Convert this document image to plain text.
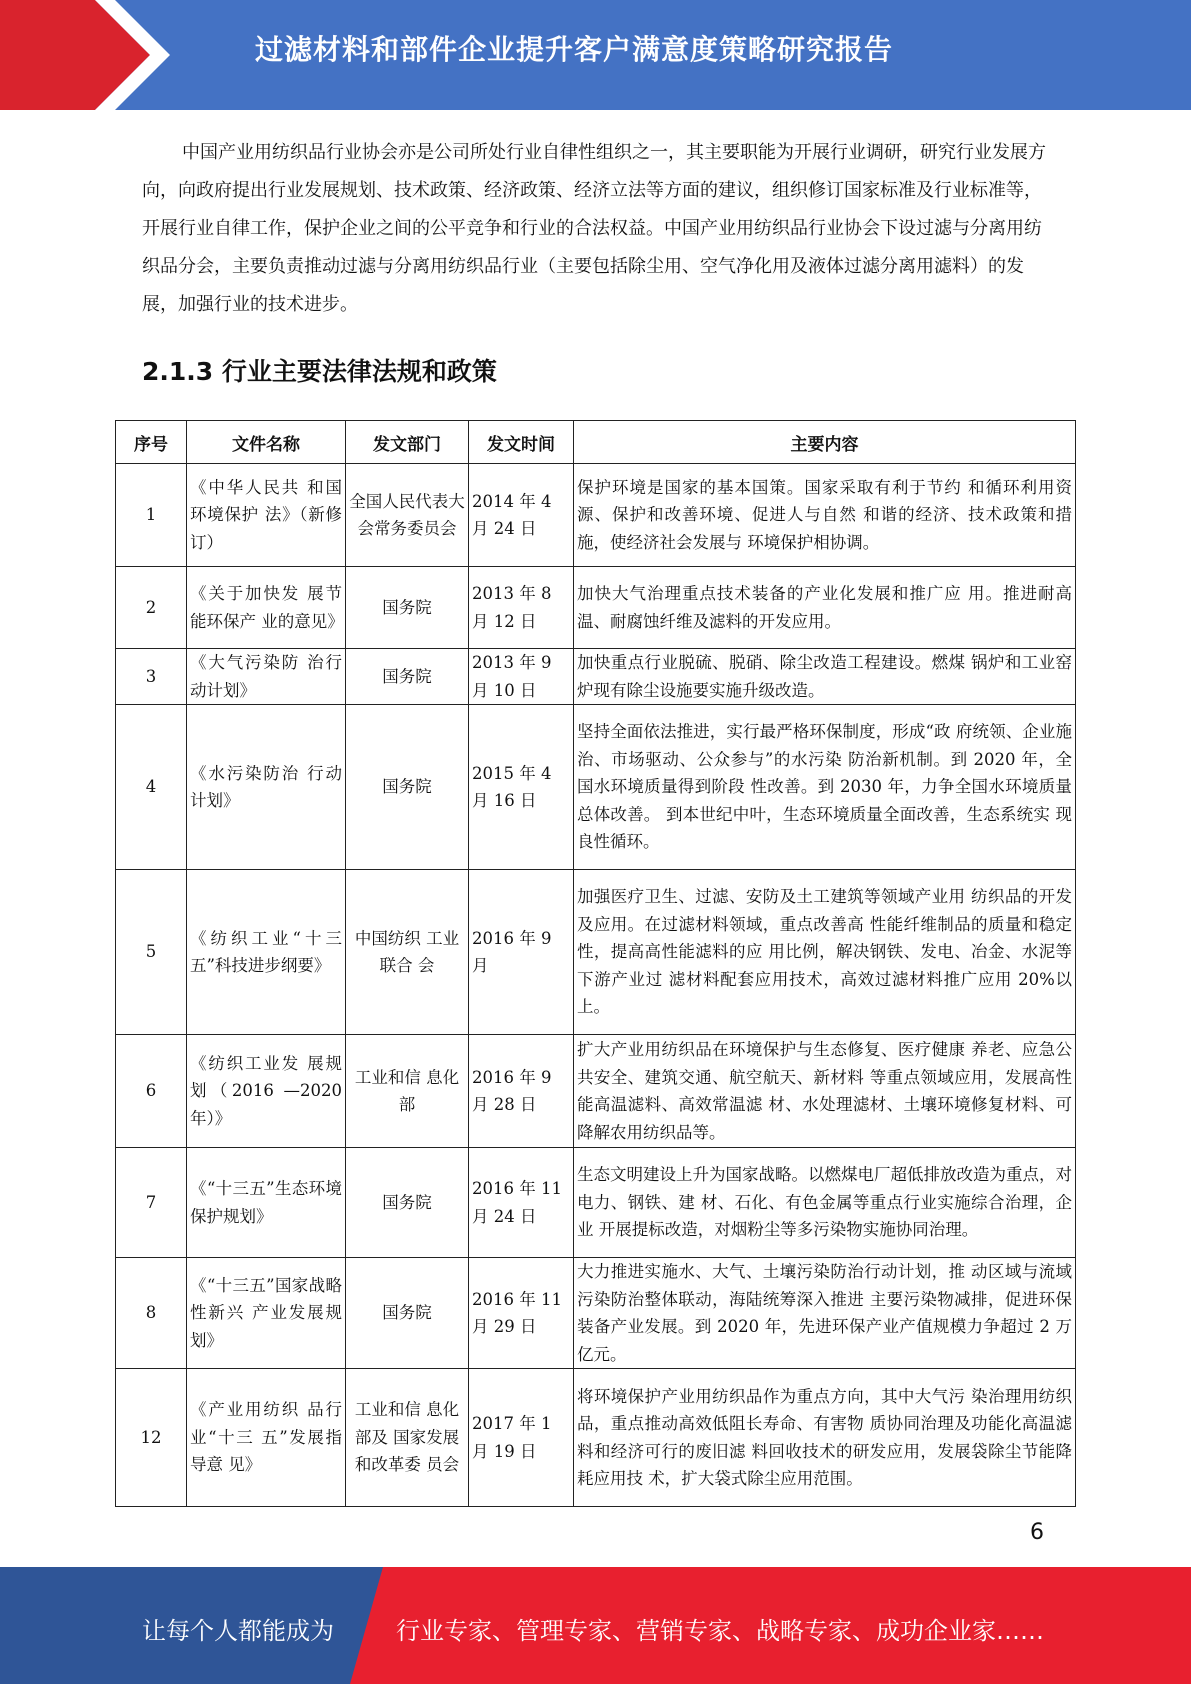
过滤材料和部件企业提升客户满意度策略研究报告

中国产业用纺织品行业协会亦是公司所处行业自律性组织之一，其主要职能为开展行业调研，研究行业发展方向，向政府提出行业发展规划、技术政策、经济政策、经济立法等方面的建议，组织修订国家标准及行业标准等，开展行业自律工作，保护企业之间的公平竞争和行业的合法权益。中国产业用纺织品行业协会下设过滤与分离用纺织品分会，主要负责推动过滤与分离用纺织品行业（主要包括除尘用、空气净化用及液体过滤分离用滤料）的发展，加强行业的技术进步。

2.1.3 行业主要法律法规和政策
序号	文件名称	发文部门	发文时间	主要内容
1	《中华人民共 和国环境保护 法》（新修订）	全国人民代表大会常务委员会	2014 年 4 月 24 日	保护环境是国家的基本国策。国家采取有利于节约 和循环利用资源、保护和改善环境、促进人与自然 和谐的经济、技术政策和措施，使经济社会发展与 环境保护相协调。
2	《关于加快发 展节能环保产 业的意见》	国务院	2013 年 8 月 12 日	加快大气治理重点技术装备的产业化发展和推广应 用。推进耐高温、耐腐蚀纤维及滤料的开发应用。
3	《大气污染防 治行动计划》	国务院	2013 年 9 月 10 日	加快重点行业脱硫、脱硝、除尘改造工程建设。燃煤 锅炉和工业窑炉现有除尘设施要实施升级改造。
4	《水污染防治 行动计划》	国务院	2015 年 4 月 16 日	坚持全面依法推进，实行最严格环保制度，形成“政 府统领、企业施治、市场驱动、公众参与”的水污染 防治新机制。到 2020 年，全国水环境质量得到阶段 性改善。到 2030 年，力争全国水环境质量总体改善。 到本世纪中叶，生态环境质量全面改善，生态系统实 现良性循环。
5	《纺织工业“十三五”科技进步纲要》	中国纺织 工业联合 会	2016 年 9 月	加强医疗卫生、过滤、安防及土工建筑等领域产业用 纺织品的开发及应用。在过滤材料领域，重点改善高 性能纤维制品的质量和稳定性，提高高性能滤料的应 用比例，解决钢铁、发电、冶金、水泥等下游产业过 滤材料配套应用技术，高效过滤材料推广应用 20%以 上。
6	《纺织工业发 展规划（2016 —2020 年）》	工业和信 息化部	2016 年 9 月 28 日	扩大产业用纺织品在环境保护与生态修复、医疗健康 养老、应急公共安全、建筑交通、航空航天、新材料 等重点领域应用，发展高性能高温滤料、高效常温滤 材、水处理滤材、土壤环境修复材料、可降解农用纺织品等。
7	《“十三五”生态环境保护规划》	国务院	2016 年 11 月 24 日	生态文明建设上升为国家战略。以燃煤电厂超低排放改造为重点，对电力、钢铁、建 材、石化、有色金属等重点行业实施综合治理，企业 开展提标改造，对烟粉尘等多污染物实施协同治理。
8	《“十三五”国家战略性新兴 产业发展规划》	国务院	2016 年 11 月 29 日	大力推进实施水、大气、土壤污染防治行动计划，推 动区域与流域污染防治整体联动，海陆统筹深入推进 主要污染物减排，促进环保装备产业发展。到 2020 年，先进环保产业产值规模力争超过 2 万亿元。
12	《产业用纺织 品行业“十三 五”发展指导意 见》	工业和信 息化部及 国家发展 和改革委 员会	2017 年 1 月 19 日	将环境保护产业用纺织品作为重点方向，其中大气污 染治理用纺织品，重点推动高效低阻长寿命、有害物 质协同治理及功能化高温滤料和经济可行的废旧滤 料回收技术的研发应用，发展袋除尘节能降耗应用技 术，扩大袋式除尘应用范围。
6
让每个人都能成为	行业专家、管理专家、营销专家、战略专家、成功企业家……
